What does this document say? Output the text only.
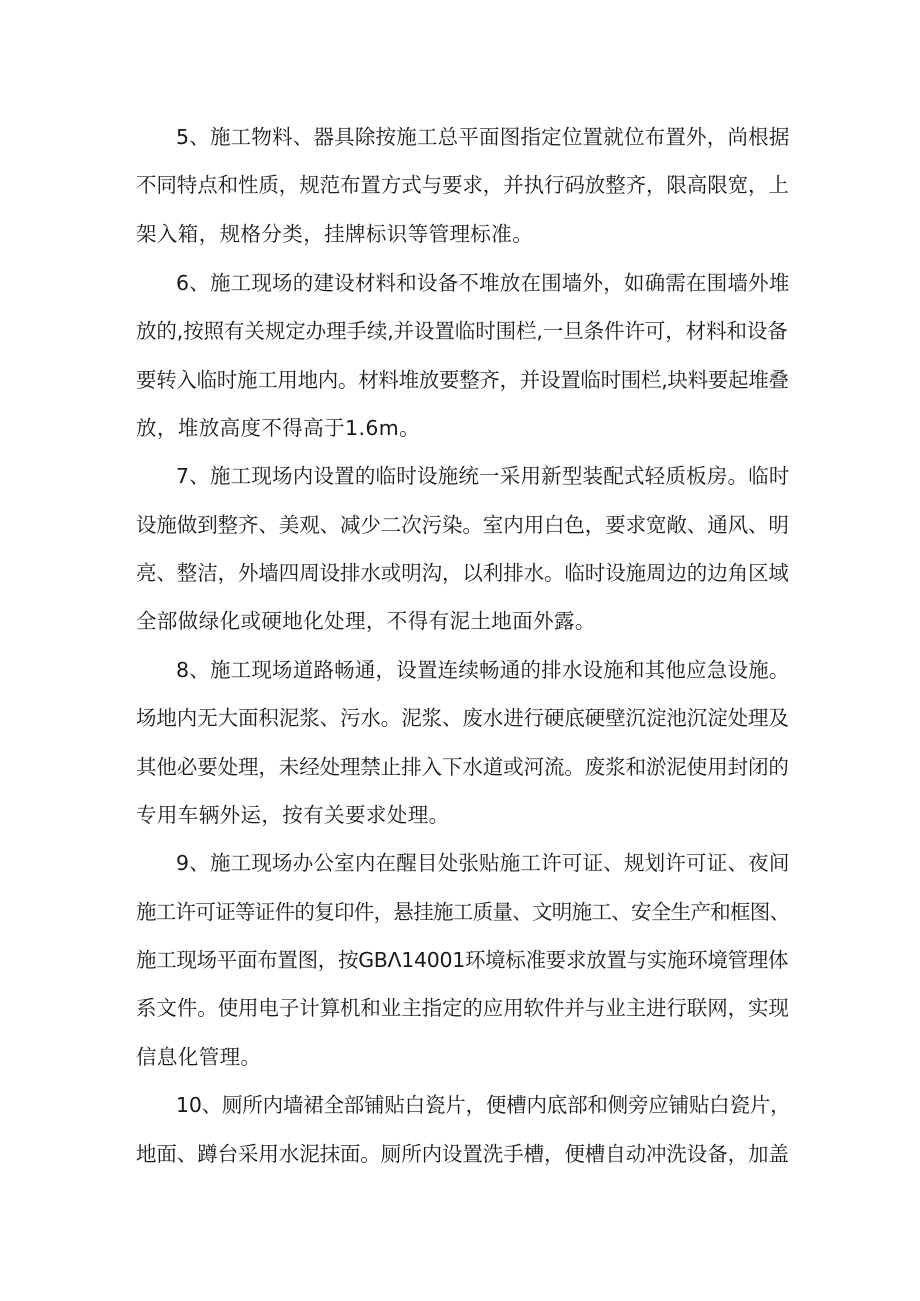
5、施工物料、器具除按施工总平面图指定位置就位布置外，尚根据
不同特点和性质，规范布置方式与要求，并执行码放整齐，限高限宽，上
架入箱，规格分类，挂牌标识等管理标准。
6、施工现场的建设材料和设备不堆放在围墙外，如确需在围墙外堆
放的,按照有关规定办理手续,并设置临时围栏,一旦条件许可，材料和设备
要转入临时施工用地内。材料堆放要整齐，并设置临时围栏,块料要起堆叠
放，堆放高度不得高于1.6m。
7、施工现场内设置的临时设施统一采用新型装配式轻质板房。临时
设施做到整齐、美观、减少二次污染。室内用白色，要求宽敞、通风、明
亮、整洁，外墙四周设排水或明沟，以利排水。临时设施周边的边角区域
全部做绿化或硬地化处理，不得有泥土地面外露。
8、施工现场道路畅通，设置连续畅通的排水设施和其他应急设施。
场地内无大面积泥浆、污水。泥浆、废水进行硬底硬壁沉淀池沉淀处理及
其他必要处理，未经处理禁止排入下水道或河流。废浆和淤泥使用封闭的
专用车辆外运，按有关要求处理。
9、施工现场办公室内在醒目处张贴施工许可证、规划许可证、夜间
施工许可证等证件的复印件，悬挂施工质量、文明施工、安全生产和框图、
施工现场平面布置图，按GBΛ14001环境标准要求放置与实施环境管理体
系文件。使用电子计算机和业主指定的应用软件并与业主进行联网，实现
信息化管理。
10、厕所内墙裙全部铺贴白瓷片，便槽内底部和侧旁应铺贴白瓷片，
地面、蹲台采用水泥抹面。厕所内设置洗手槽，便槽自动冲洗设备，加盖
